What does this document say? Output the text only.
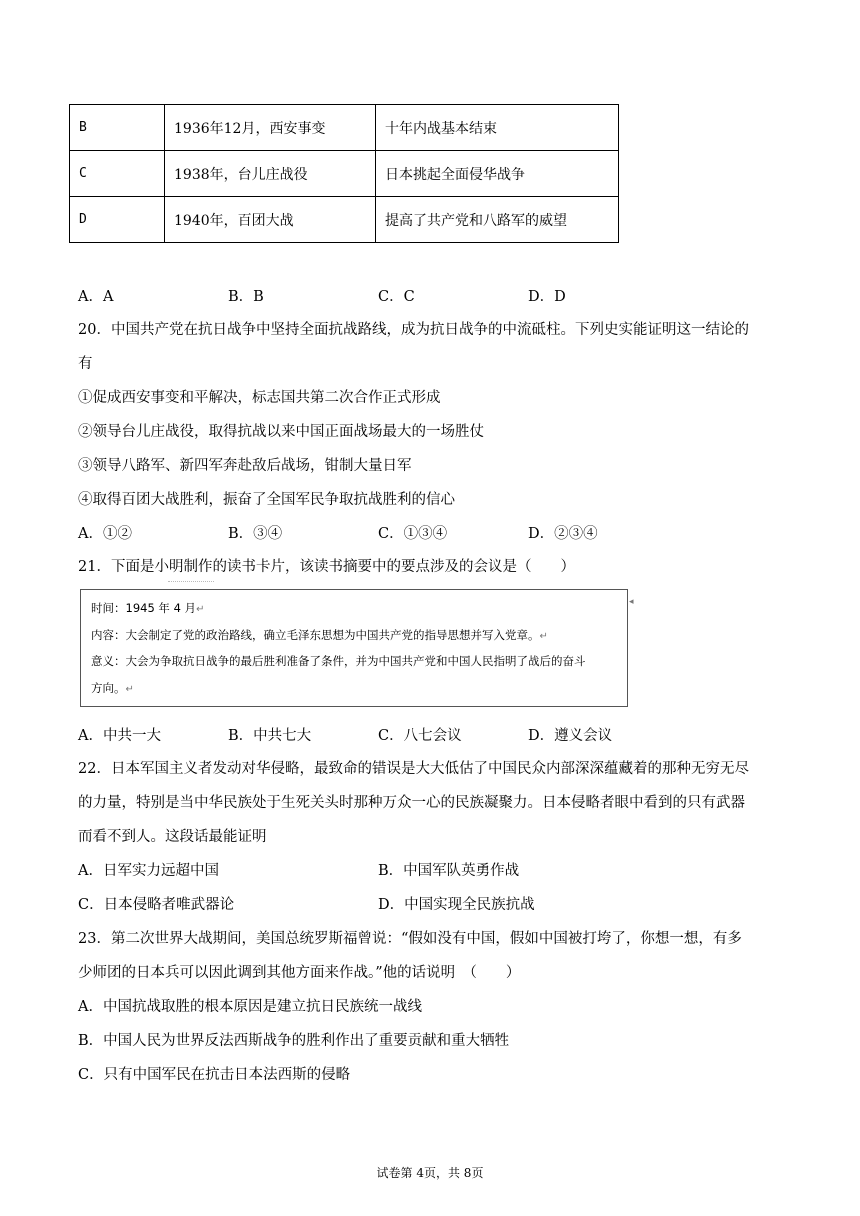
B	1936年12月，西安事变	十年内战基本结束
C	1938年，台儿庄战役	日本挑起全面侵华战争
D	1940年，百团大战	提高了共产党和八路军的威望
A．A	B．B	C．C	D．D
20．中国共产党在抗日战争中坚持全面抗战路线，成为抗日战争的中流砥柱。下列史实能证明这一结论的
有
①促成西安事变和平解决，标志国共第二次合作正式形成
②领导台儿庄战役，取得抗战以来中国正面战场最大的一场胜仗
③领导八路军、新四军奔赴敌后战场，钳制大量日军
④取得百团大战胜利，振奋了全国军民争取抗战胜利的信心
A．①②	B．③④	C．①③④	D．②③④
21．下面是小明制作的读书卡片，该读书摘要中的要点涉及的会议是（　　）
时间：1945 年 4 月↵
内容：大会制定了党的政治路线，确立毛泽东思想为中国共产党的指导思想并写入党章。↵
意义：大会为争取抗日战争的最后胜利准备了条件，并为中国共产党和中国人民指明了战后的奋斗
方向。↵
◂
A．中共一大	B．中共七大	C．八七会议	D．遵义会议
22．日本军国主义者发动对华侵略，最致命的错误是大大低估了中国民众内部深深蕴藏着的那种无穷无尽
的力量，特别是当中华民族处于生死关头时那种万众一心的民族凝聚力。日本侵略者眼中看到的只有武器
而看不到人。这段话最能证明
A．日军实力远超中国	B．中国军队英勇作战
C．日本侵略者唯武器论	D．中国实现全民族抗战
23．第二次世界大战期间，美国总统罗斯福曾说：“假如没有中国，假如中国被打垮了，你想一想，有多
少师团的日本兵可以因此调到其他方面来作战。”他的话说明　（　　）
A．中国抗战取胜的根本原因是建立抗日民族统一战线
B．中国人民为世界反法西斯战争的胜利作出了重要贡献和重大牺牲
C．只有中国军民在抗击日本法西斯的侵略
试卷第 4页，共 8页
